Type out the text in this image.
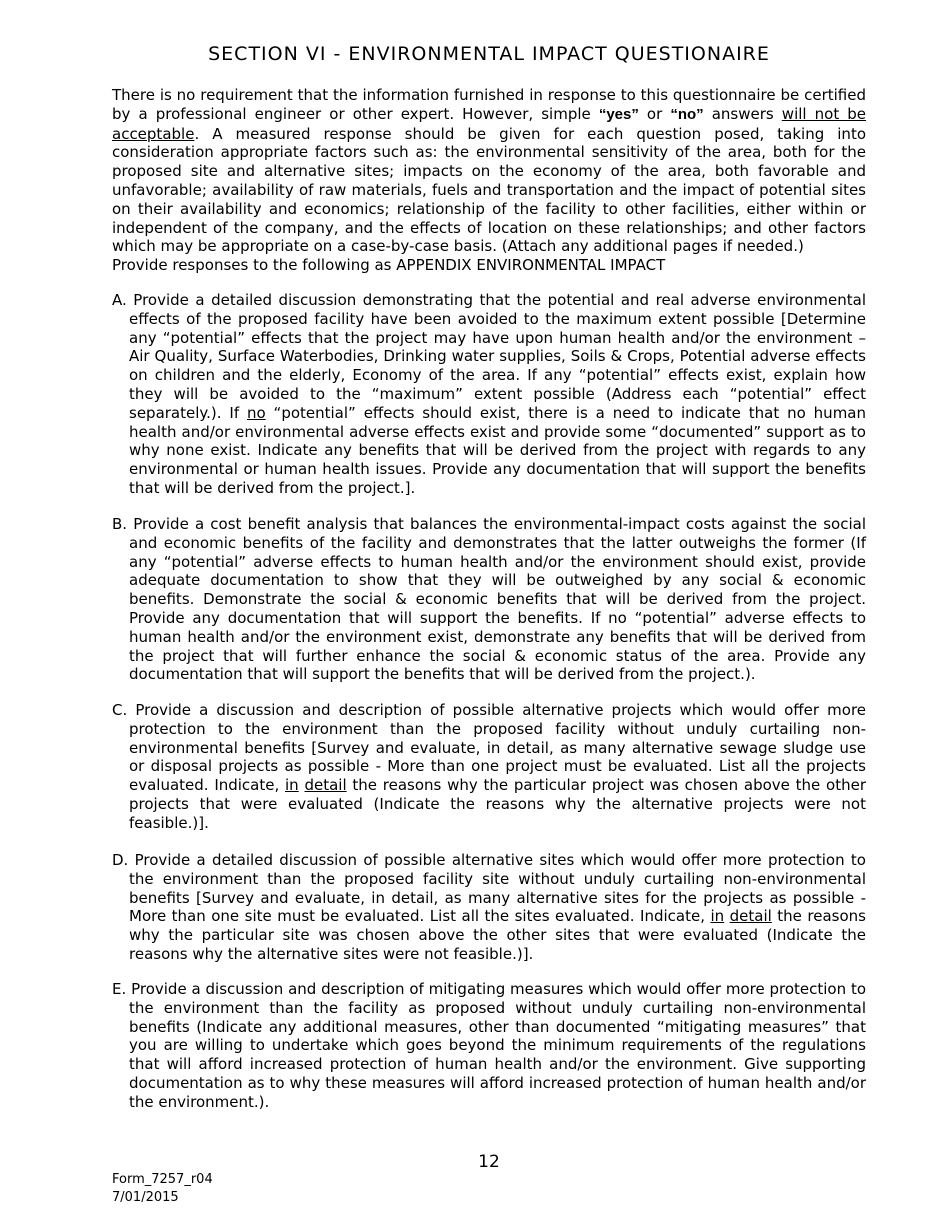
SECTION VI - ENVIRONMENTAL IMPACT QUESTIONAIRE
There is no requirement that the information furnished in response to this questionnaire be certified by a professional engineer or other expert. However, simple “yes” or “no” answers will not be acceptable. A measured response should be given for each question posed, taking into consideration appropriate factors such as: the environmental sensitivity of the area, both for the proposed site and alternative sites; impacts on the economy of the area, both favorable and unfavorable; availability of raw materials, fuels and transportation and the impact of potential sites on their availability and economics; relationship of the facility to other facilities, either within or independent of the company, and the effects of location on these relationships; and other factors which may be appropriate on a case-by-case basis. (Attach any additional pages if needed.)
Provide responses to the following as APPENDIX ENVIRONMENTAL IMPACT
A. Provide a detailed discussion demonstrating that the potential and real adverse environmental effects of the proposed facility have been avoided to the maximum extent possible [Determine any “potential” effects that the project may have upon human health and/or the environment – Air Quality, Surface Waterbodies, Drinking water supplies, Soils & Crops, Potential adverse effects on children and the elderly, Economy of the area. If any “potential” effects exist, explain how they will be avoided to the “maximum” extent possible (Address each “potential” effect separately.). If no “potential” effects should exist, there is a need to indicate that no human health and/or environmental adverse effects exist and provide some “documented” support as to why none exist. Indicate any benefits that will be derived from the project with regards to any environmental or human health issues. Provide any documentation that will support the benefits that will be derived from the project.].
B. Provide a cost benefit analysis that balances the environmental-impact costs against the social and economic benefits of the facility and demonstrates that the latter outweighs the former (If any “potential” adverse effects to human health and/or the environment should exist, provide adequate documentation to show that they will be outweighed by any social & economic benefits. Demonstrate the social & economic benefits that will be derived from the project. Provide any documentation that will support the benefits. If no “potential” adverse effects to human health and/or the environment exist, demonstrate any benefits that will be derived from the project that will further enhance the social & economic status of the area. Provide any documentation that will support the benefits that will be derived from the project.).
C. Provide a discussion and description of possible alternative projects which would offer more protection to the environment than the proposed facility without unduly curtailing non-environmental benefits [Survey and evaluate, in detail, as many alternative sewage sludge use or disposal projects as possible - More than one project must be evaluated. List all the projects evaluated. Indicate, in detail the reasons why the particular project was chosen above the other projects that were evaluated (Indicate the reasons why the alternative projects were not feasible.)].
D. Provide a detailed discussion of possible alternative sites which would offer more protection to the environment than the proposed facility site without unduly curtailing non-environmental benefits [Survey and evaluate, in detail, as many alternative sites for the projects as possible - More than one site must be evaluated. List all the sites evaluated. Indicate, in detail the reasons why the particular site was chosen above the other sites that were evaluated (Indicate the reasons why the alternative sites were not feasible.)].
E. Provide a discussion and description of mitigating measures which would offer more protection to the environment than the facility as proposed without unduly curtailing non-environmental benefits (Indicate any additional measures, other than documented “mitigating measures” that you are willing to undertake which goes beyond the minimum requirements of the regulations that will afford increased protection of human health and/or the environment. Give supporting documentation as to why these measures will afford increased protection of human health and/or the environment.).
12
Form_7257_r04
7/01/2015
